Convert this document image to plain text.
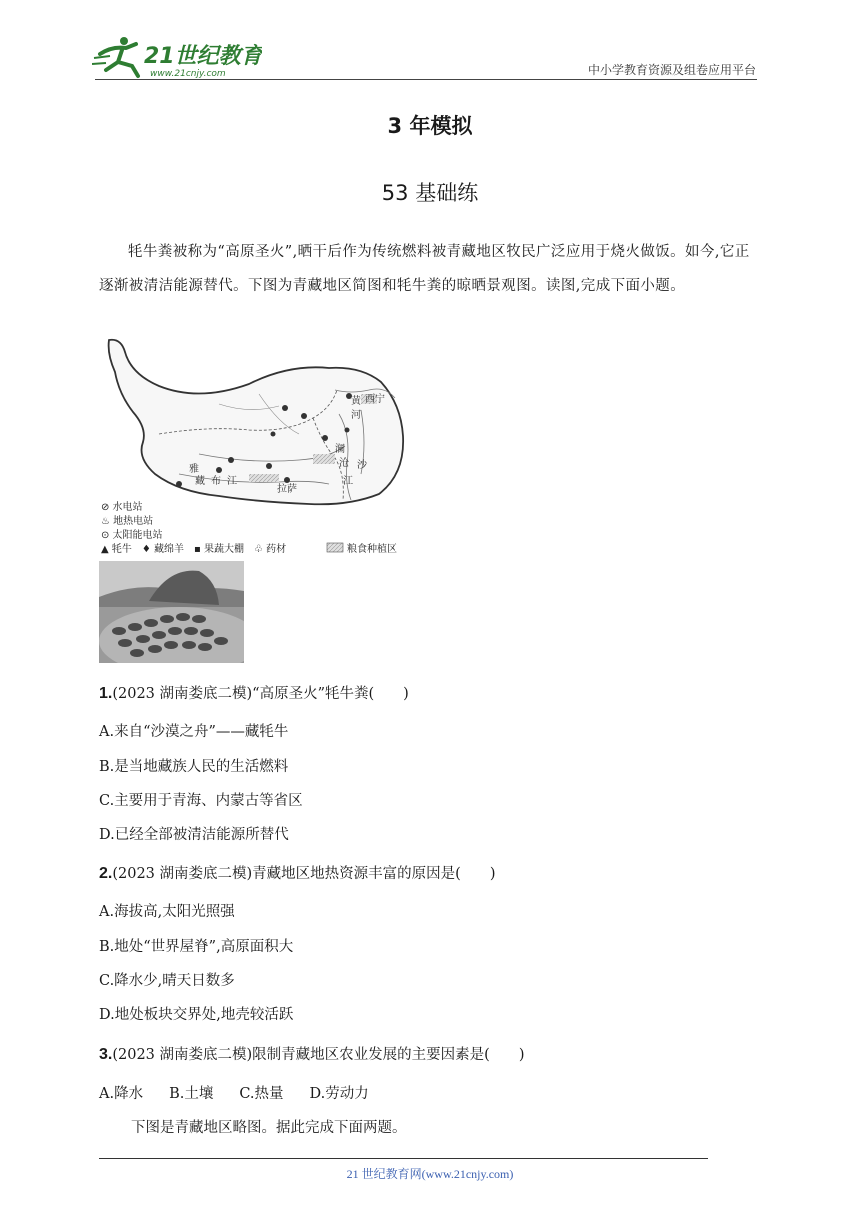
21世纪教育
www.21cnjy.com	中小学教育资源及组卷应用平台
3 年模拟
53 基础练
牦牛粪被称为“高原圣火”,晒干后作为传统燃料被青藏地区牧民广泛应用于烧火做饭。如今,它正逐渐被清洁能源替代。下图为青藏地区简图和牦牛粪的晾晒景观图。读图,完成下面小题。
西宁
黄
河
澜
沧 沙
江
雅
藏 布 江
拉萨
⊘ 水电站
♨ 地热电站
⊙ 太阳能电站
▲ 牦牛　♦ 藏绵羊　▪ 果蔬大棚　♧ 药材	粮食种植区
1.(2023 湖南娄底二模)“高原圣火”牦牛粪(　　)
A.来自“沙漠之舟”——藏牦牛
B.是当地藏族人民的生活燃料
C.主要用于青海、内蒙古等省区
D.已经全部被清洁能源所替代
2.(2023 湖南娄底二模)青藏地区地热资源丰富的原因是(　　)
A.海拔高,太阳光照强
B.地处“世界屋脊”,高原面积大
C.降水少,晴天日数多
D.地处板块交界处,地壳较活跃
3.(2023 湖南娄底二模)限制青藏地区农业发展的主要因素是(　　)
A.降水 B.土壤 C.热量 D.劳动力
下图是青藏地区略图。据此完成下面两题。
21 世纪教育网(www.21cnjy.com)
